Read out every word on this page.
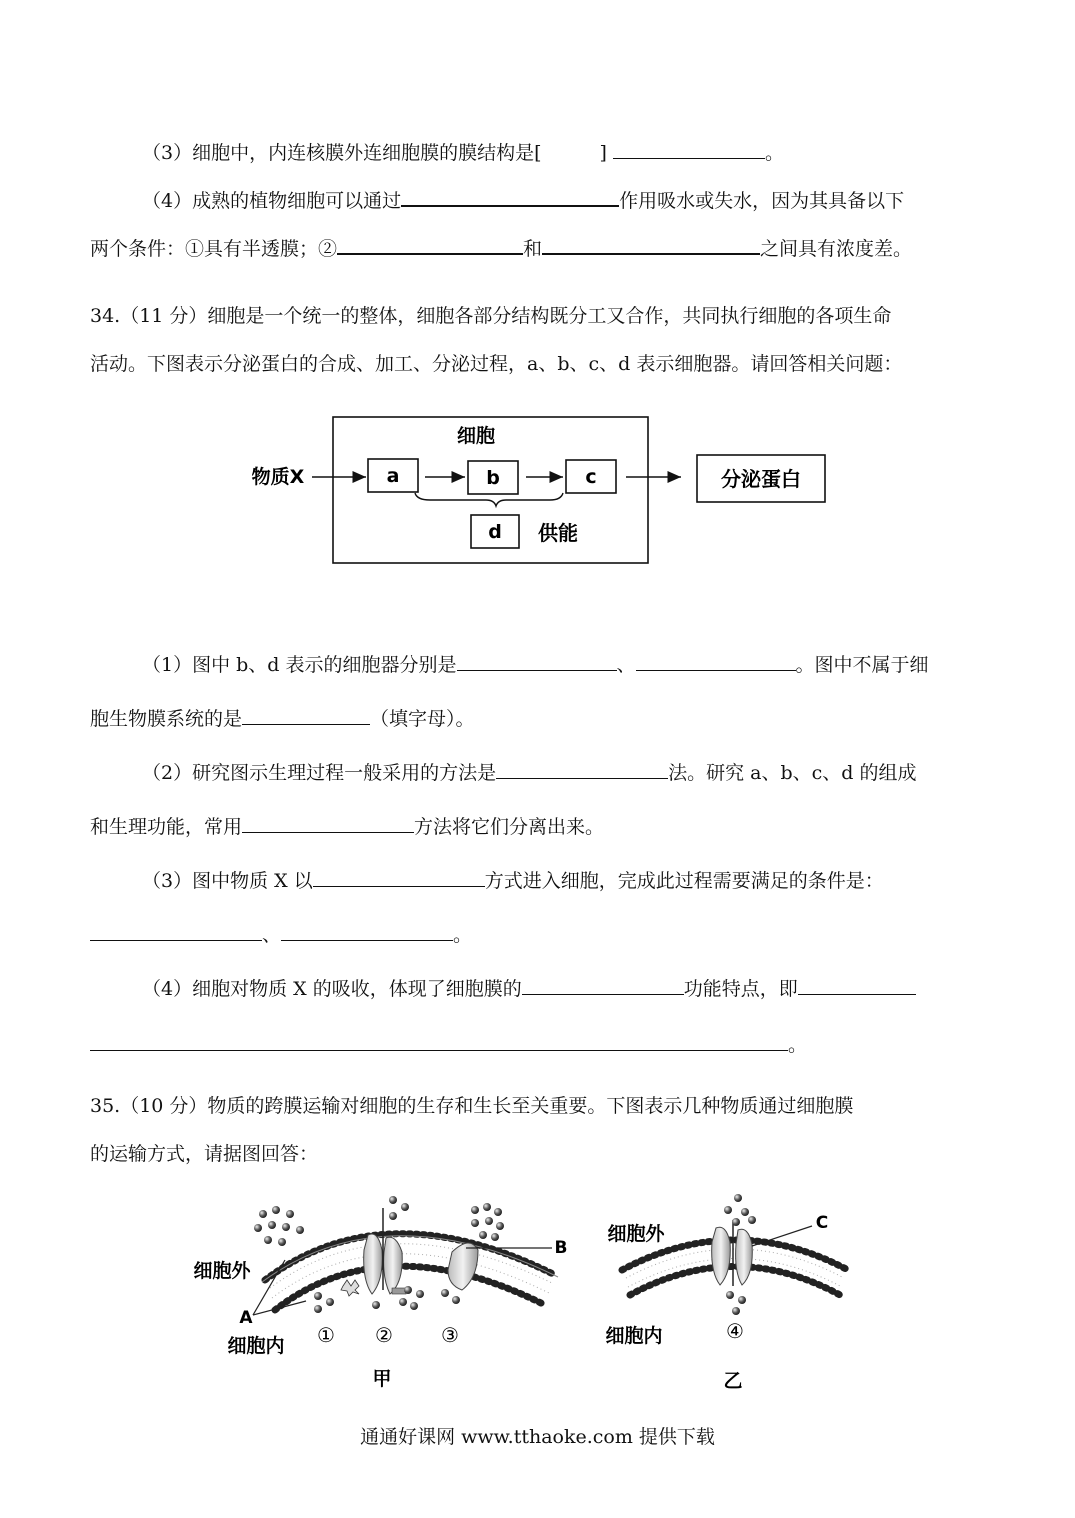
（3）细胞中，内连核膜外连细胞膜的膜结构是[	]	。
（4）成熟的植物细胞可以通过	作用吸水或失水，因为其具备以下
两个条件：①具有半透膜；②	和	之间具有浓度差。
34.（11 分）细胞是一个统一的整体，细胞各部分结构既分工又合作，共同执行细胞的各项生命
活动。下图表示分泌蛋白的合成、加工、分泌过程，a、b、c、d 表示细胞器。请回答相关问题：
细胞
物质X	a	b	c	分泌蛋白
d 供能
（1）图中 b、d 表示的细胞器分别是	、	。图中不属于细
胞生物膜系统的是	（填字母）。
（2）研究图示生理过程一般采用的方法是	法。研究 a、b、c、d 的组成
和生理功能，常用	方法将它们分离出来。
（3）图中物质 X 以	方式进入细胞，完成此过程需要满足的条件是：
、	。
（4）细胞对物质 X 的吸收，体现了细胞膜的	功能特点，即
。
35.（10 分）物质的跨膜运输对细胞的生存和生长至关重要。下图表示几种物质通过细胞膜
的运输方式，请据图回答：
细胞外
细胞内
A
B
① ② ③
甲
细胞外
细胞内
C
④
乙
通通好课网 www.tthaoke.com 提供下载
